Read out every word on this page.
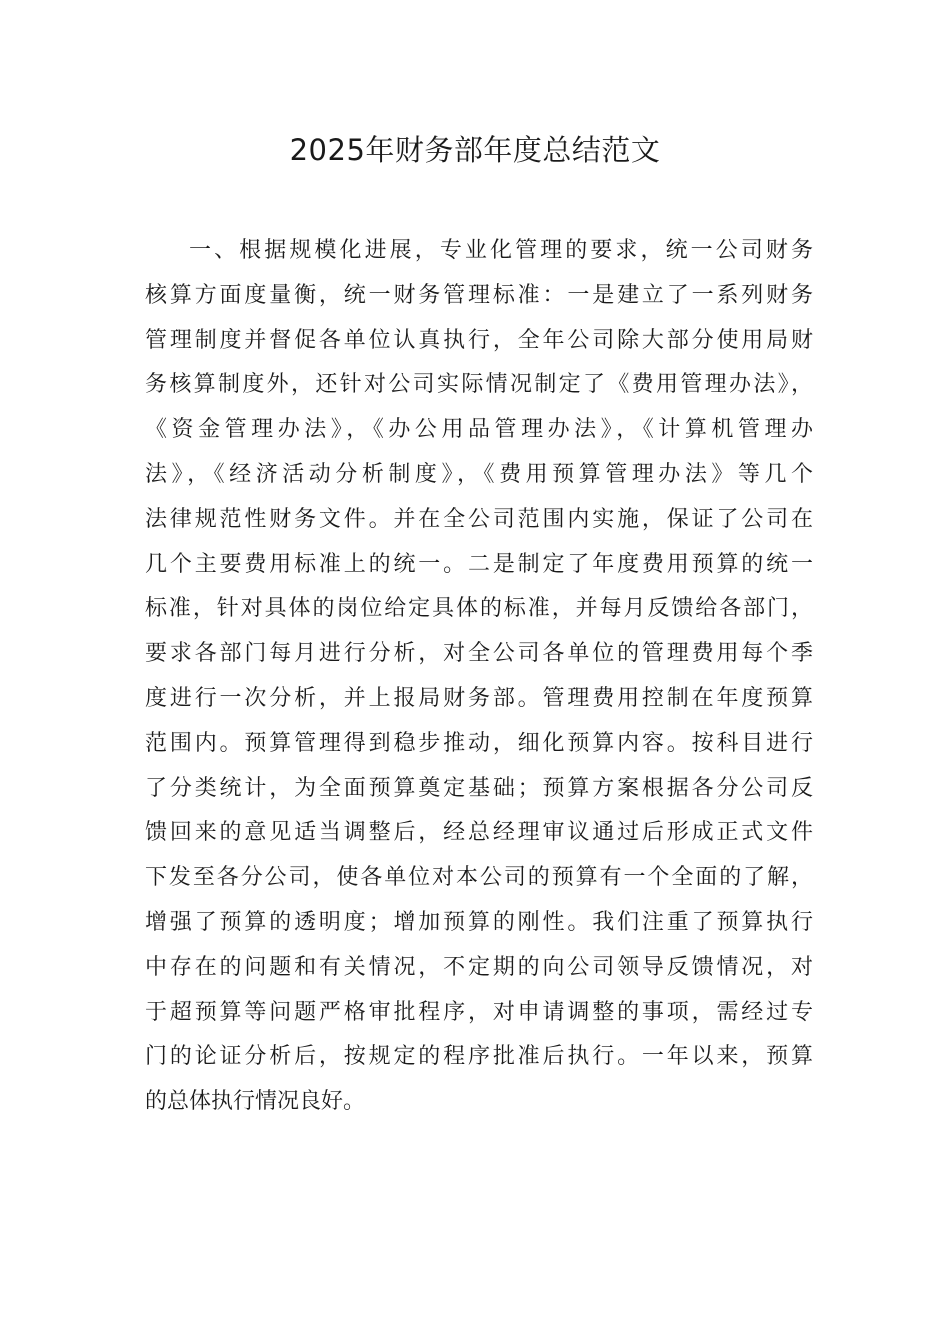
2025年财务部年度总结范文
一、根据规模化进展，专业化管理的要求，统一公司财务
核算方面度量衡，统一财务管理标准：一是建立了一系列财务
管理制度并督促各单位认真执行，全年公司除大部分使用局财
务核算制度外，还针对公司实际情况制定了《费用管理办法》，
《资金管理办法》，《办公用品管理办法》，《计算机管理办
法》，《经济活动分析制度》，《费用预算管理办法》等几个
法律规范性财务文件。并在全公司范围内实施，保证了公司在
几个主要费用标准上的统一。二是制定了年度费用预算的统一
标准，针对具体的岗位给定具体的标准，并每月反馈给各部门，
要求各部门每月进行分析，对全公司各单位的管理费用每个季
度进行一次分析，并上报局财务部。管理费用控制在年度预算
范围内。预算管理得到稳步推动，细化预算内容。按科目进行
了分类统计，为全面预算奠定基础；预算方案根据各分公司反
馈回来的意见适当调整后，经总经理审议通过后形成正式文件
下发至各分公司，使各单位对本公司的预算有一个全面的了解，
增强了预算的透明度；增加预算的刚性。我们注重了预算执行
中存在的问题和有关情况，不定期的向公司领导反馈情况，对
于超预算等问题严格审批程序，对申请调整的事项，需经过专
门的论证分析后，按规定的程序批准后执行。一年以来，预算
的总体执行情况良好。
